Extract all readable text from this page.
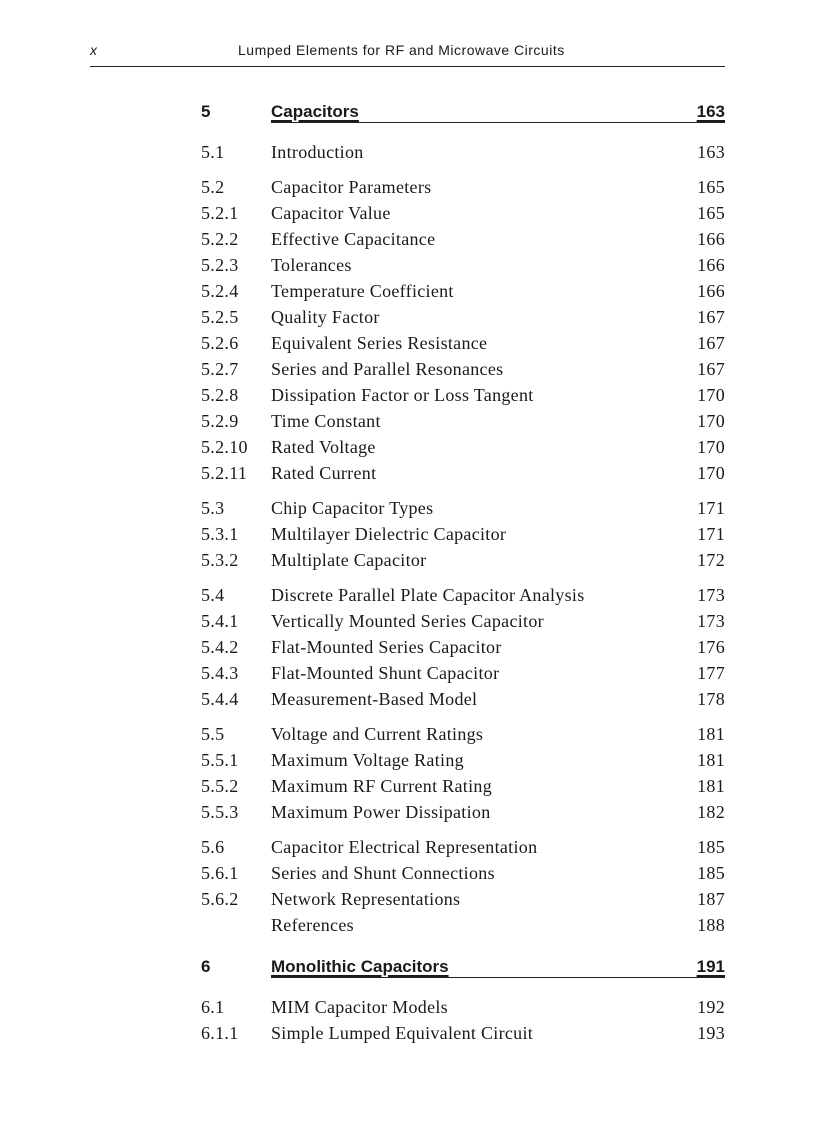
x	Lumped Elements for RF and Microwave Circuits
5	Capacitors	163
5.1	Introduction	163
5.2	Capacitor Parameters	165
5.2.1 Capacitor Value	165
5.2.2 Effective Capacitance	166
5.2.3 Tolerances	166
5.2.4 Temperature Coefficient	166
5.2.5 Quality Factor	167
5.2.6 Equivalent Series Resistance	167
5.2.7 Series and Parallel Resonances	167
5.2.8 Dissipation Factor or Loss Tangent	170
5.2.9 Time Constant	170
5.2.10 Rated Voltage	170
5.2.11 Rated Current	170
5.3	Chip Capacitor Types	171
5.3.1 Multilayer Dielectric Capacitor	171
5.3.2 Multiplate Capacitor	172
5.4	Discrete Parallel Plate Capacitor Analysis	173
5.4.1 Vertically Mounted Series Capacitor	173
5.4.2 Flat-Mounted Series Capacitor	176
5.4.3 Flat-Mounted Shunt Capacitor	177
5.4.4 Measurement-Based Model	178
5.5	Voltage and Current Ratings	181
5.5.1 Maximum Voltage Rating	181
5.5.2 Maximum RF Current Rating	181
5.5.3 Maximum Power Dissipation	182
5.6	Capacitor Electrical Representation	185
5.6.1 Series and Shunt Connections	185
5.6.2 Network Representations	187
References	188
6	Monolithic Capacitors	191
6.1	MIM Capacitor Models	192
6.1.1 Simple Lumped Equivalent Circuit	193
